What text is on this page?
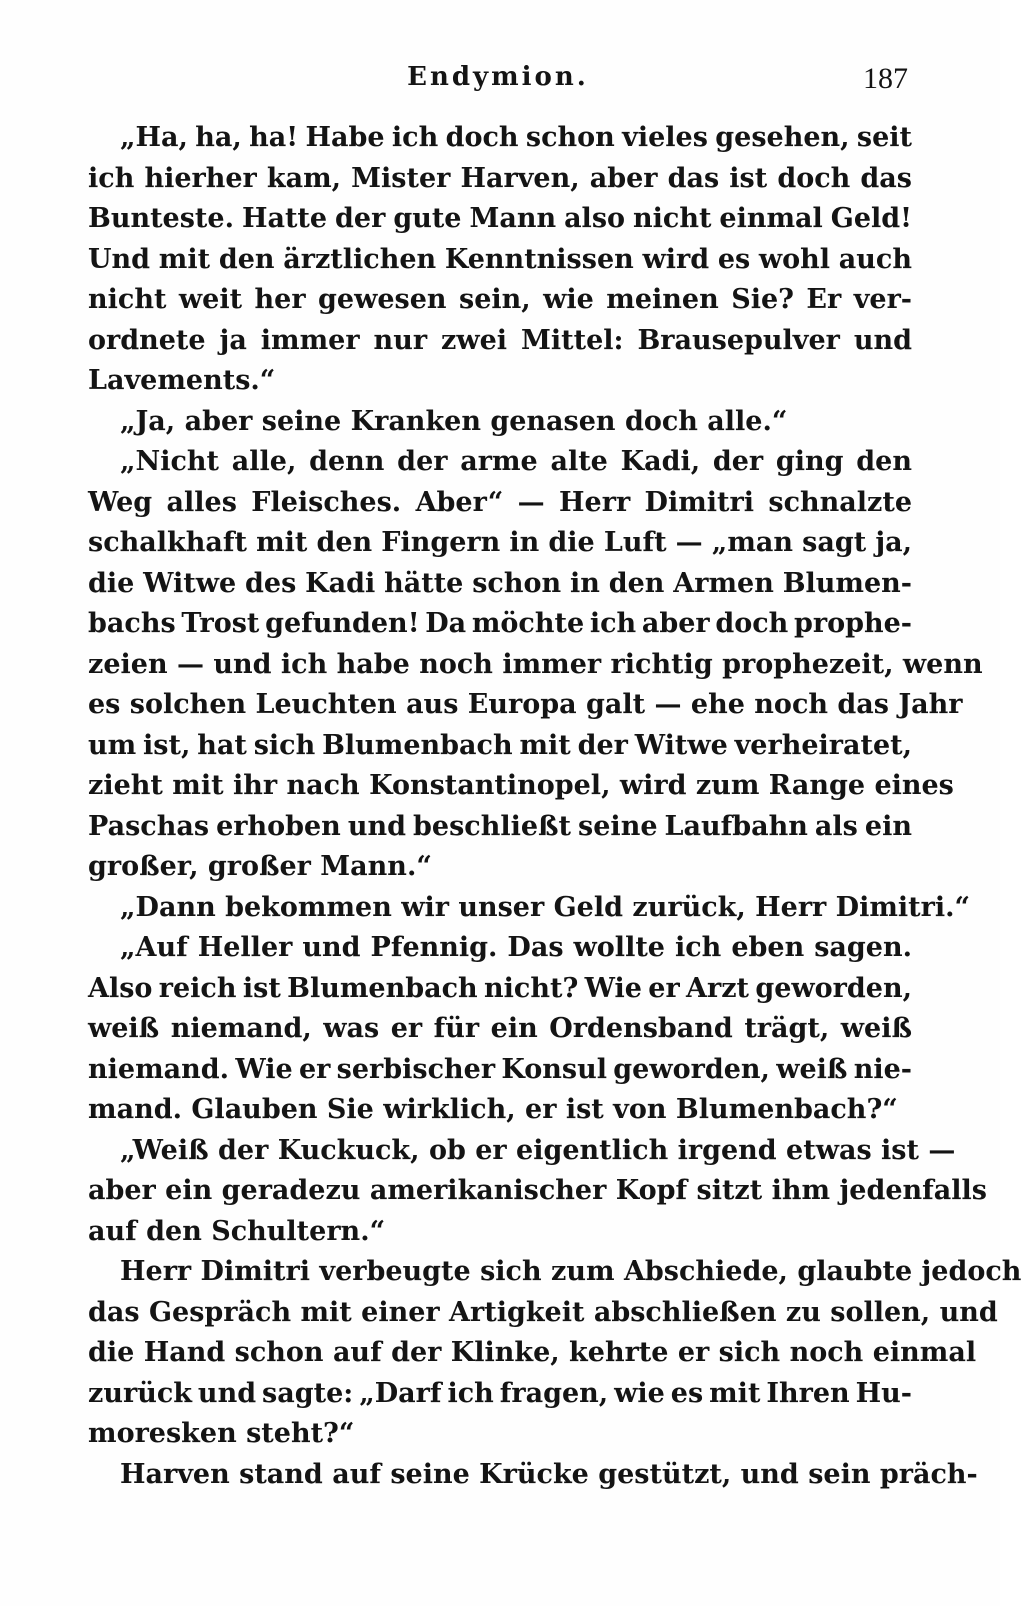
Endymion.	187
„Ha, ha, ha! Habe ich doch schon vieles gesehen, seit
ich hierher kam, Mister Harven, aber das ist doch das
Bunteste. Hatte der gute Mann also nicht einmal Geld!
Und mit den ärztlichen Kenntnissen wird es wohl auch
nicht weit her gewesen sein, wie meinen Sie? Er ver-
ordnete ja immer nur zwei Mittel: Brausepulver und
Lavements.“
„Ja, aber seine Kranken genasen doch alle.“
„Nicht alle, denn der arme alte Kadi, der ging den
Weg alles Fleisches. Aber“ — Herr Dimitri schnalzte
schalkhaft mit den Fingern in die Luft — „man sagt ja,
die Witwe des Kadi hätte schon in den Armen Blumen-
bachs Trost gefunden! Da möchte ich aber doch prophe-
zeien — und ich habe noch immer richtig prophezeit, wenn
es solchen Leuchten aus Europa galt — ehe noch das Jahr
um ist, hat sich Blumenbach mit der Witwe verheiratet,
zieht mit ihr nach Konstantinopel, wird zum Range eines
Paschas erhoben und beschließt seine Laufbahn als ein
großer, großer Mann.“
„Dann bekommen wir unser Geld zurück, Herr Dimitri.“
„Auf Heller und Pfennig. Das wollte ich eben sagen.
Also reich ist Blumenbach nicht? Wie er Arzt geworden,
weiß niemand, was er für ein Ordensband trägt, weiß
niemand. Wie er serbischer Konsul geworden, weiß nie-
mand. Glauben Sie wirklich, er ist von Blumenbach?“
„Weiß der Kuckuck, ob er eigentlich irgend etwas ist —
aber ein geradezu amerikanischer Kopf sitzt ihm jedenfalls
auf den Schultern.“
Herr Dimitri verbeugte sich zum Abschiede, glaubte jedoch
das Gespräch mit einer Artigkeit abschließen zu sollen, und
die Hand schon auf der Klinke, kehrte er sich noch einmal
zurück und sagte: „Darf ich fragen, wie es mit Ihren Hu-
moresken steht?“
Harven stand auf seine Krücke gestützt, und sein präch-
